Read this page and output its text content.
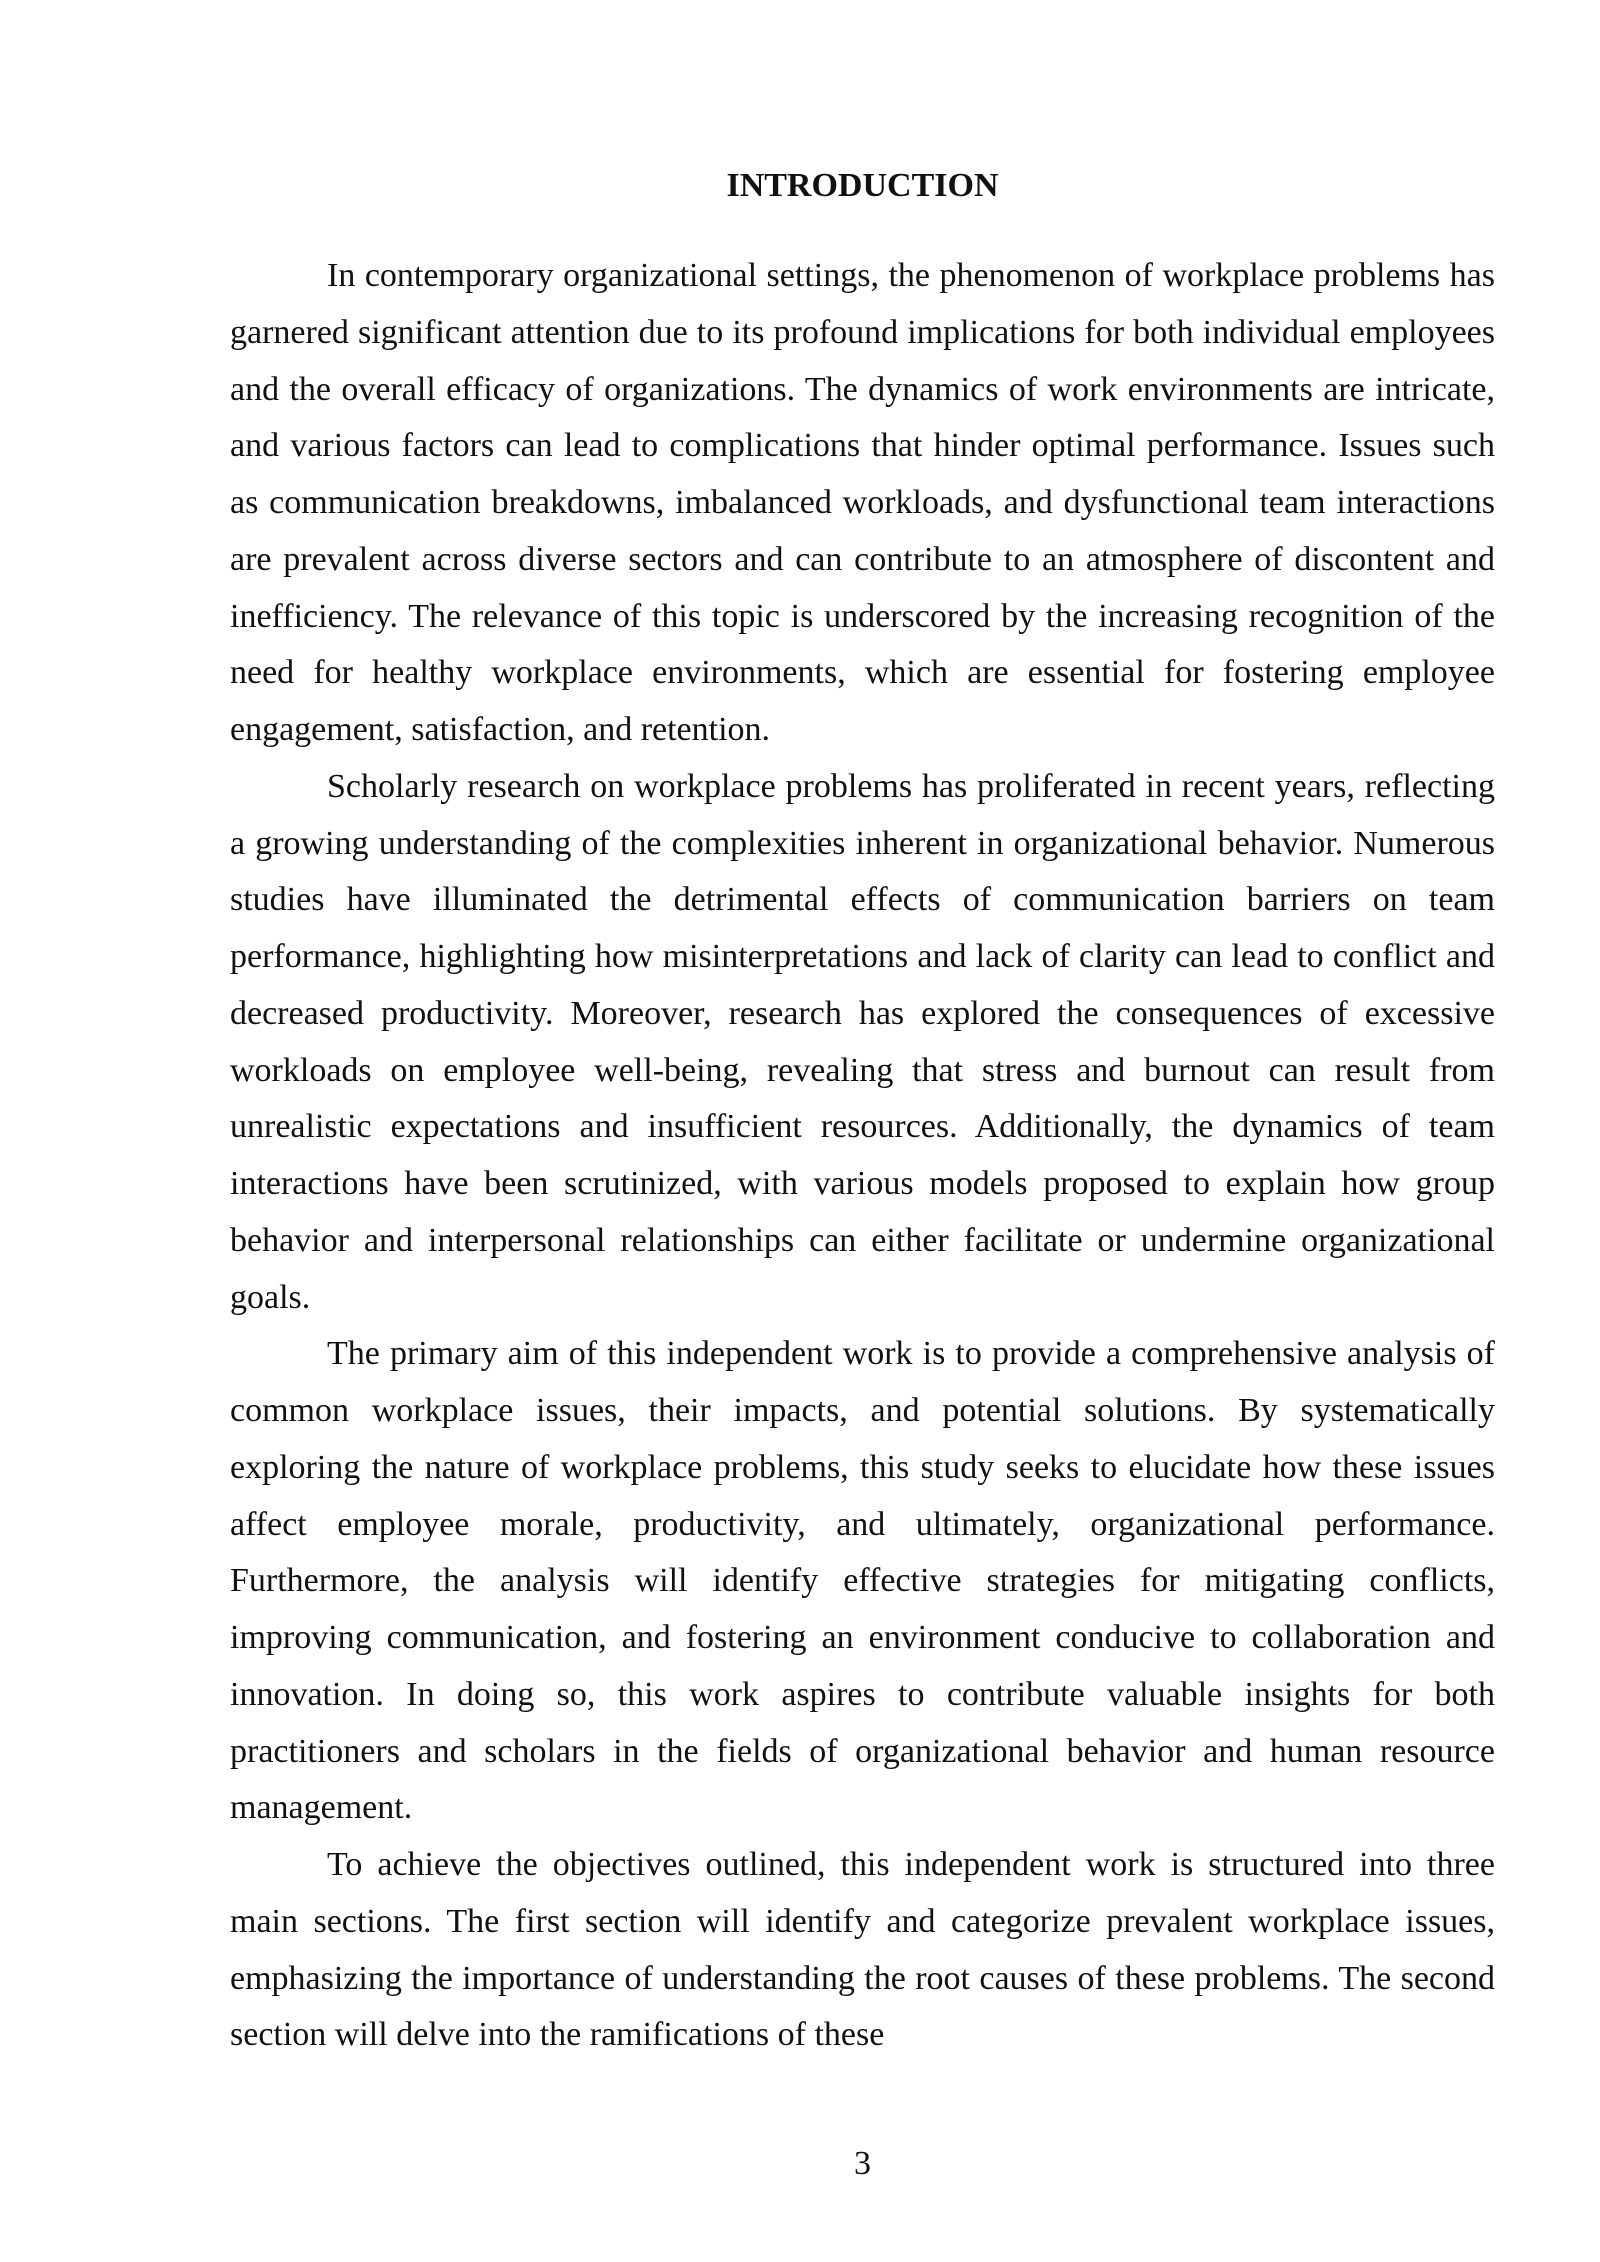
INTRODUCTION

In contemporary organizational settings, the phenomenon of workplace problems has garnered significant attention due to its profound implications for both individual employees and the overall efficacy of organizations. The dynamics of work environments are intricate, and various factors can lead to complications that hinder optimal performance. Issues such as communication breakdowns, imbalanced workloads, and dysfunctional team interactions are prevalent across diverse sectors and can contribute to an atmosphere of discontent and inefficiency. The relevance of this topic is underscored by the increasing recognition of the need for healthy workplace environments, which are essential for fostering employee engagement, satisfaction, and retention.

Scholarly research on workplace problems has proliferated in recent years, reflecting a growing understanding of the complexities inherent in organizational behavior. Numerous studies have illuminated the detrimental effects of communication barriers on team performance, highlighting how misinterpretations and lack of clarity can lead to conflict and decreased productivity. Moreover, research has explored the consequences of excessive workloads on employee well-being, revealing that stress and burnout can result from unrealistic expectations and insufficient resources. Additionally, the dynamics of team interactions have been scrutinized, with various models proposed to explain how group behavior and interpersonal relationships can either facilitate or undermine organizational goals.

The primary aim of this independent work is to provide a comprehensive analysis of common workplace issues, their impacts, and potential solutions. By systematically exploring the nature of workplace problems, this study seeks to elucidate how these issues affect employee morale, productivity, and ultimately, organizational performance. Furthermore, the analysis will identify effective strategies for mitigating conflicts, improving communication, and fostering an environment conducive to collaboration and innovation. In doing so, this work aspires to contribute valuable insights for both practitioners and scholars in the fields of organizational behavior and human resource management.

To achieve the objectives outlined, this independent work is structured into three main sections. The first section will identify and categorize prevalent workplace issues, emphasizing the importance of understanding the root causes of these problems. The second section will delve into the ramifications of these

3
